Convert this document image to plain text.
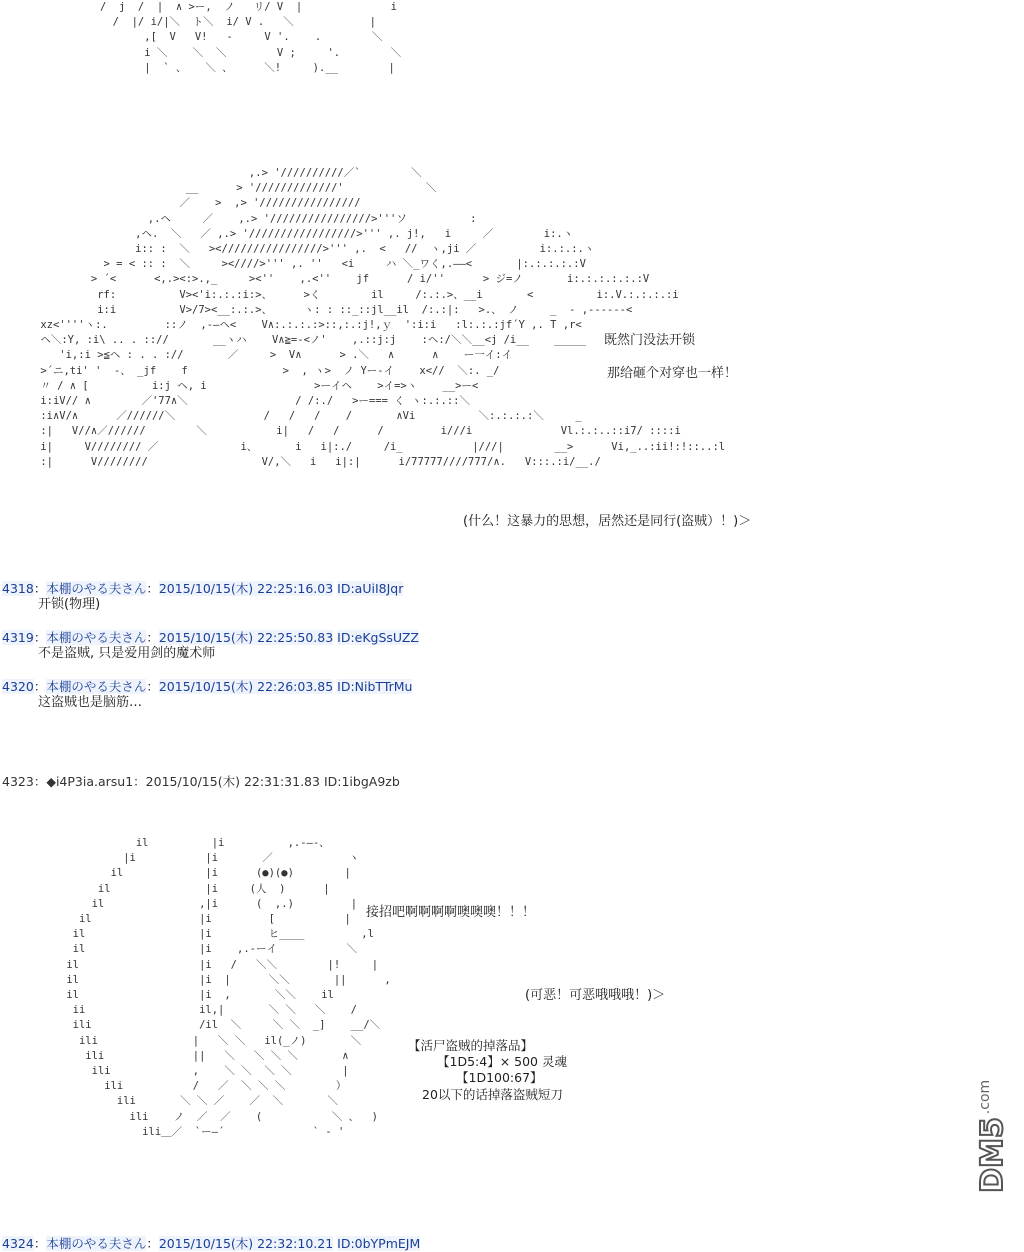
/  j  /  |  ∧ >ー,  ノ   リ/ V  |              i
/  |/ i/|＼  ト＼  i/ V .   ＼            |
,[  V   V!   ‐     V '.    .        ＼
i ＼    ＼  ＼        V ;     '.        ＼
|  ` 、   ＼ 、     ＼!     ).__        |
,.> '//////////／`        ＼
__      > '/////////////'             ＼
／    >  ,> '////////////////
,.ヘ     ／    ,.> '////////////////>'''ソ          :
,ヘ.  ＼   ／ ,.> '/////////////////>''' ,. j!,   i     ／        i:.ヽ
i:: :  ＼   ><////////////////>''' ,.  <   //  ヽ,ji ／          i:.:.:.ヽ
> = < :: :  ＼     ><////>''' ,. ''   <i     ハ ＼_ワく,.――<       |:.:.:.:.:V
> ´<      <,.><:>.,_     ><''    ,.<''    jf      / i/''      > ジ=ノ       i:.:.:.:.:.:V
rf:          V><'i:.:.:i:>、     >く        il     /:.:.>、__i       <          i:.V.:.:.:.:i
i:i          V>/7><__:.:.>、     ヽ: : ::_::jl__il  /:.:|:   >.、 ノ     _  - ,------<
xz<''''ヽ:.         ::ノ  ,-―ヘ<    V∧:.:.:.:>::,:.:j!,ｙ  ':i:i   :l:.:.:jf´Y ,. T ,r<
ヘ＼:Y, :i\ .. . :://       __ヽハ    V∧≧=-<ノ'    ,.::j:j    :ヘ:/＼＼__<j /i__    _____
'i,:i >≦ヘ : . . ://       ／     >  V∧      > .＼   ∧      ∧    ー一イ:イ
>´ニ,ti' '  ‐、 _jf    f               >  , ヽ>  ノ Yー-イ    x<//  ＼:. _/
〃 / ∧ [          i:j ヘ, i                 >ーイヘ    >イ=>ヽ    __>ー<
i:iV// ∧        ／'77∧＼                 / /:./   >ー=== く ヽ:.:.::＼
:i∧V/∧      ／//////＼              /   /   /    /       ∧Vi          ＼:.:.:.:＼     _
:|   V//∧／//////        ＼           i|   /   /      /         i///i              Vl.:.:..::i7/ ::::i
i|     V//////// ／             i、      i   i|:./     /i_           |///|        __>      Vi,_..:ii!:!::..:l
:|      V////////                  V/,＼   i   i|:|      i/77777////777/∧.   V:::.:i/__./
il          |i          ,.-―-、
|i           |i       ／            ヽ
il             |i      (●)(●)        |
il               |i     (人  )      |
il               ,|i      (  ,.)         |
il                 |i         [           |
il                  |i         ヒ____         ,l
il                  |i    ,.-ーイ           ＼
il                   |i   /   ＼＼        |!     |
il                   |i  |      ＼＼       ||      ,
il                   |i  ,       ＼＼    il
ii                  il,|       ＼ ＼   ＼    /
ili                 /il  ＼     ＼ ＼  _]    __/＼
ili               |   ＼ ＼   il(_ノ)       ＼
ili              ||   ＼   ＼ ＼ ＼       ∧
ili             ,    ＼ ＼  ＼ ＼        |
ili           /   ／  ＼ ＼ ＼        ）
ili       ＼ ＼ ／    ／  ＼       ＼
ili    ノ  ／  ／    (           ＼ 、  )
ili＿／  `ー―´              ` ‐ '
既然门没法开锁
那给砸个对穿也一样！
(什么！这暴力的思想，居然还是同行(盗贼）！)＞
4318：本棚のやる夫さん：2015/10/15(木) 22:25:16.03 ID:aUiI8Jqr
开锁(物理)
4319：本棚のやる夫さん：2015/10/15(木) 22:25:50.83 ID:eKgSsUZZ
不是盗贼, 只是爱用剑的魔术师
4320：本棚のやる夫さん：2015/10/15(木) 22:26:03.85 ID:NibTTrMu
这盗贼也是脑筋…
4323：◆i4P3ia.arsu1：2015/10/15(木) 22:31:31.83 ID:1ibgA9zb
接招吧啊啊啊啊噢噢噢！！！
(可恶！可恶哦哦哦！)＞
【活尸盗贼的掉落品】
【1D5:4】× 500 灵魂
【1D100:67】
20以下的话掉落盗贼短刀
4324：本棚のやる夫さん：2015/10/15(木) 22:32:10.21 ID:0bYPmEJM
DM5
.com
